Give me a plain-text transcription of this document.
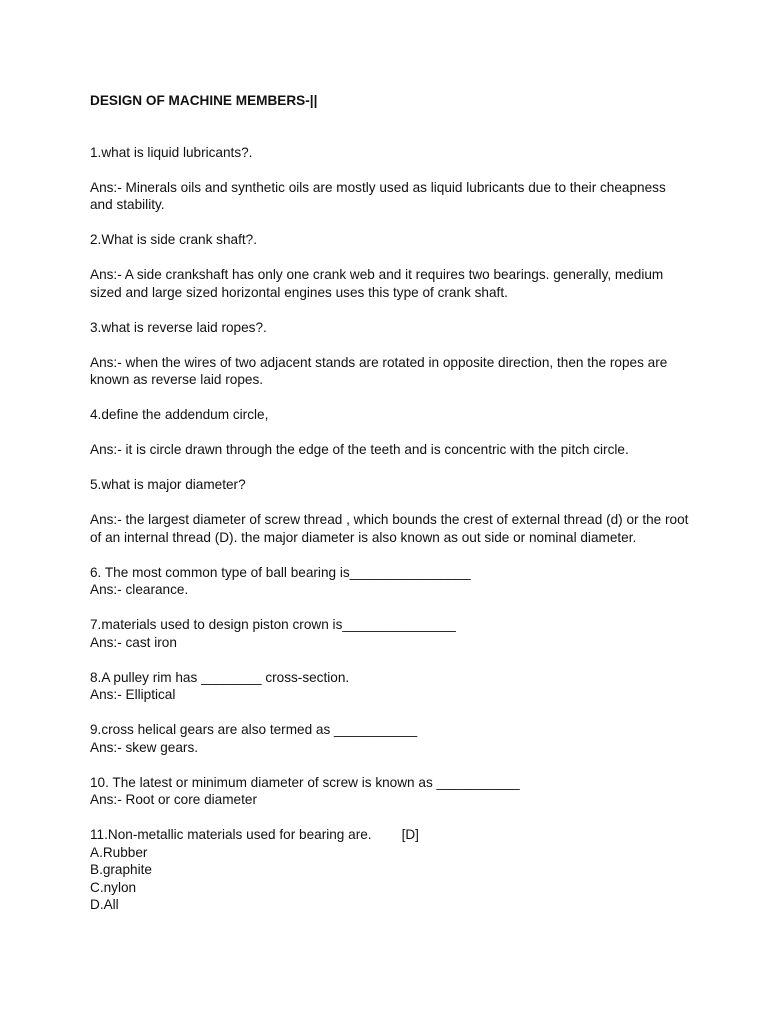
DESIGN OF MACHINE MEMBERS-||

1.what is liquid lubricants?.

Ans:- Minerals oils and synthetic oils are mostly used as liquid lubricants due to their cheapness and stability.

2.What is side crank shaft?.

Ans:- A side crankshaft has only one crank web and it requires two bearings. generally, medium sized and large sized horizontal engines uses this type of crank shaft.

3.what is reverse laid ropes?.

Ans:- when the wires of two adjacent stands are rotated in opposite direction, then the ropes are known as reverse laid ropes.

4.define the addendum circle,

Ans:- it is circle drawn through the edge of the teeth and is concentric with the pitch circle.

5.what is major diameter?

Ans:- the largest diameter of screw thread , which bounds the crest of external thread (d) or the root of an internal thread (D). the major diameter is also known as out side or nominal diameter.

6. The most common type of ball bearing is________________

Ans:- clearance.

7.materials used to design piston crown is_______________

Ans:- cast iron

8.A pulley rim has ________ cross-section.

Ans:- Elliptical

9.cross helical gears are also termed as ___________

Ans:- skew gears.

10. The latest or minimum diameter of screw is known as ___________

Ans:- Root or core diameter

11.Non-metallic materials used for bearing are. [D]

A.Rubber

B.graphite

C.nylon

D.All
